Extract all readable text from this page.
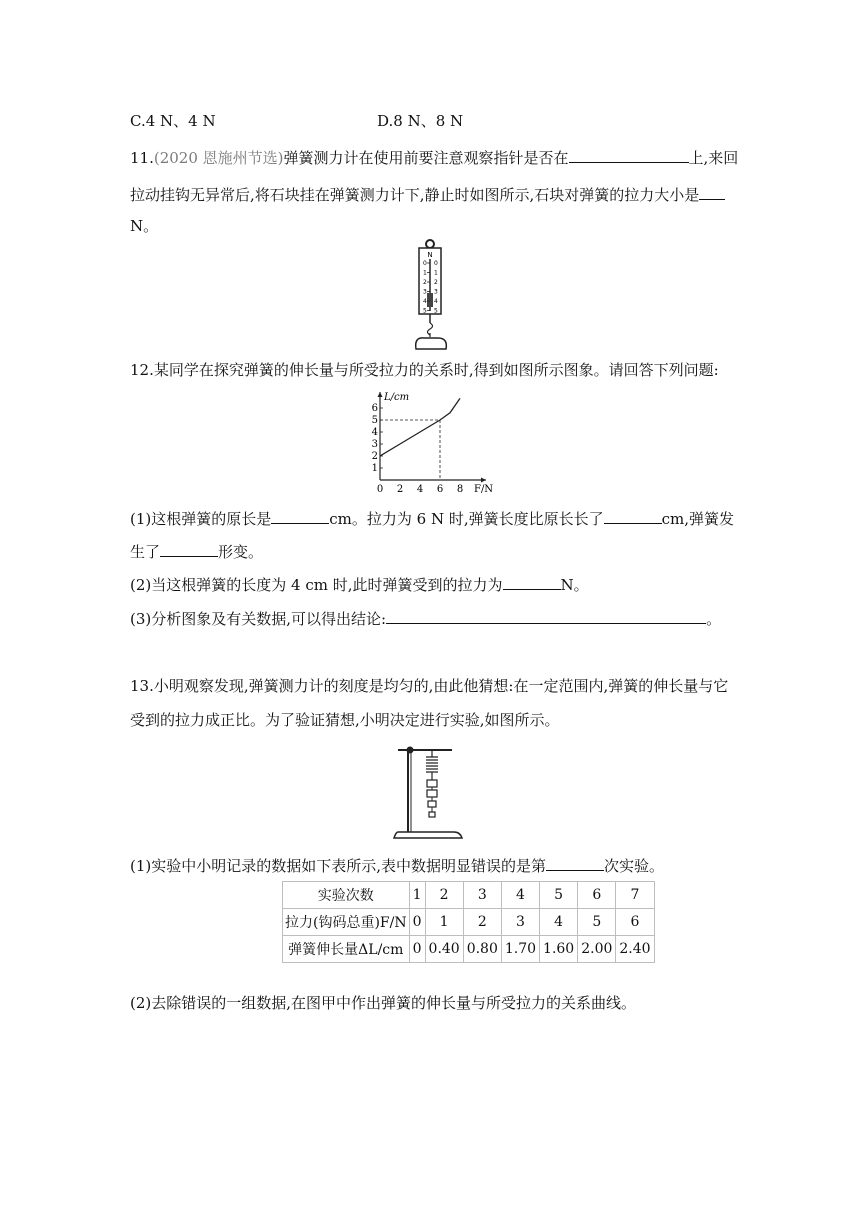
C.4 N、4 N	D.8 N、8 N
11.(2020 恩施州节选)弹簧测力计在使用前要注意观察指针是否在	上,来回
拉动挂钩无异常后,将石块挂在弹簧测力计下,静止时如图所示,石块对弹簧的拉力大小是
N。
N
0
1
2
3
4
5
0
1
2
3
4
5
12.某同学在探究弹簧的伸长量与所受拉力的关系时,得到如图所示图象。请回答下列问题:
L/cm
F/N
0 2 4 6 8
1
2
3
4
5
6
(1)这根弹簧的原长是	cm。拉力为 6 N 时,弹簧长度比原长长了	cm,弹簧发
生了	形变。
(2)当这根弹簧的长度为 4 cm 时,此时弹簧受到的拉力为	N。
(3)分析图象及有关数据,可以得出结论:	。
13.小明观察发现,弹簧测力计的刻度是均匀的,由此他猜想:在一定范围内,弹簧的伸长量与它
受到的拉力成正比。为了验证猜想,小明决定进行实验,如图所示。
(1)实验中小明记录的数据如下表所示,表中数据明显错误的是第	次实验。
实验次数	1	2	3	4	5	6	7
拉力(钩码总重)F/N	0	1	2	3	4	5	6
弹簧伸长量ΔL/cm	0	0.40	0.80	1.70	1.60	2.00	2.40
(2)去除错误的一组数据,在图甲中作出弹簧的伸长量与所受拉力的关系曲线。
